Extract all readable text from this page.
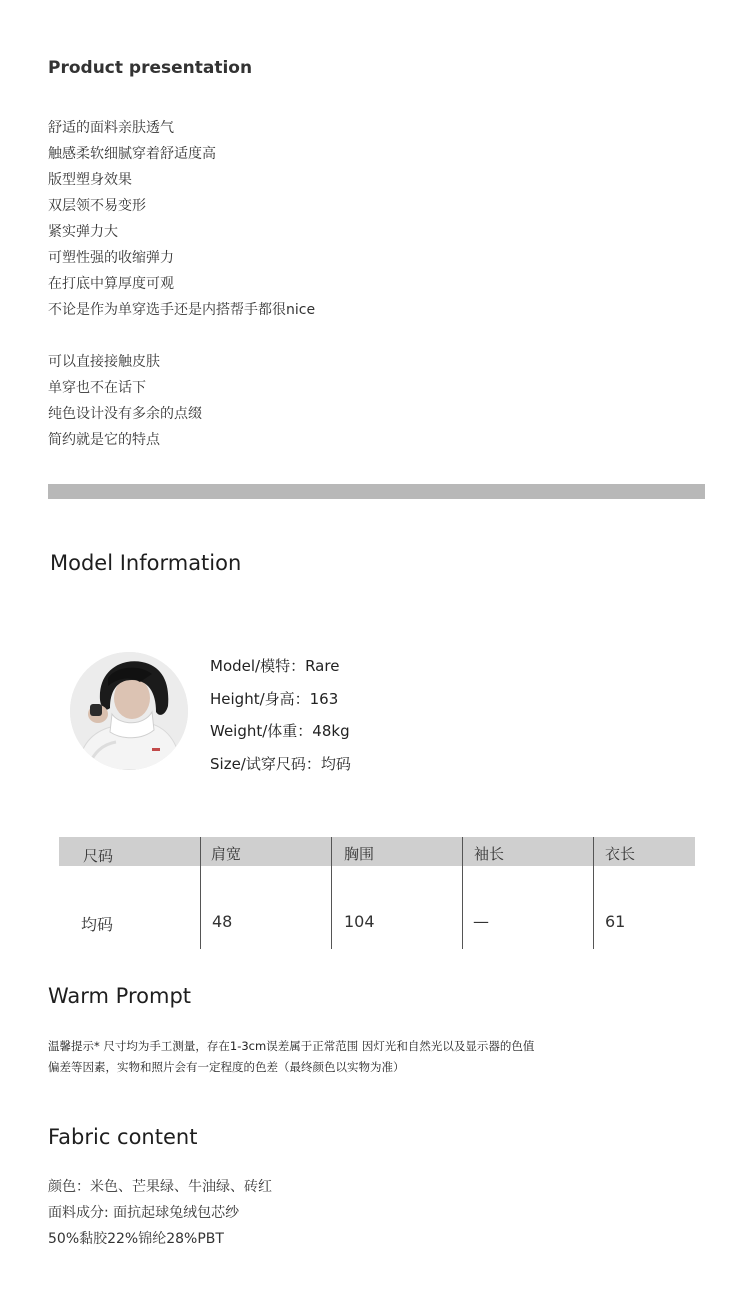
Product presentation
舒适的面料亲肤透气
触感柔软细腻穿着舒适度高
版型塑身效果
双层领不易变形
紧实弹力大
可塑性强的收缩弹力
在打底中算厚度可观
不论是作为单穿选手还是内搭帮手都很nice
可以直接接触皮肤
单穿也不在话下
纯色设计没有多余的点缀
简约就是它的特点
Model Information
Model/模特：Rare
Height/身高：163
Weight/体重：48kg
Size/试穿尺码：均码
尺码	肩宽	胸围	袖长	衣长
均码	48	104	—	61
Warm Prompt
温馨提示* 尺寸均为手工测量，存在1-3cm误差属于正常范围 因灯光和自然光以及显示器的色值
偏差等因素，实物和照片会有一定程度的色差（最终颜色以实物为准）
Fabric content
颜色：米色、芒果绿、牛油绿、砖红
面料成分: 面抗起球兔绒包芯纱
50%黏胶22%锦纶28%PBT
